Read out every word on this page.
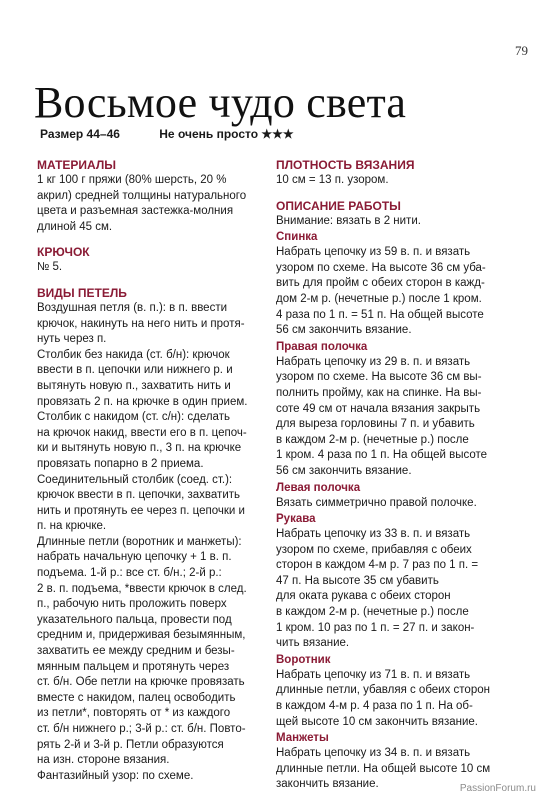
79
Восьмое чудо света
Размер 44–46	Не очень просто ★★★

МАТЕРИАЛЫ

1 кг 100 г пряжи (80% шерсть, 20 %
акрил) средней толщины натурального
цвета и разъемная застежка-молния
длиной 45 см.

КРЮЧОК

№ 5.

ВИДЫ ПЕТЕЛЬ

Воздушная петля (в. п.): в п. ввести
крючок, накинуть на него нить и протя-
нуть через п.
Столбик без накида (ст. б/н): крючок
ввести в п. цепочки или нижнего р. и
вытянуть новую п., захватить нить и
провязать 2 п. на крючке в один прием.
Столбик с накидом (ст. с/н): сделать
на крючок накид, ввести его в п. цепоч-
ки и вытянуть новую п., 3 п. на крючке
провязать попарно в 2 приема.
Соединительный столбик (соед. ст.):
крючок ввести в п. цепочки, захватить
нить и протянуть ее через п. цепочки и
п. на крючке.
Длинные петли (воротник и манжеты):
набрать начальную цепочку + 1 в. п.
подъема. 1-й р.: все ст. б/н.; 2-й р.:
2 в. п. подъема, *ввести крючок в след.
п., рабочую нить проложить поверх
указательного пальца, провести под
средним и, придерживая безымянным,
захватить ее между средним и безы-
мянным пальцем и протянуть через
ст. б/н. Обе петли на крючке провязать
вместе с накидом, палец освободить
из петли*, повторять от * из каждого
ст. б/н нижнего р.; 3-й р.: ст. б/н. Повто-
рять 2-й и 3-й р. Петли образуются
на изн. стороне вязания.
Фантазийный узор: по схеме.

ПЛОТНОСТЬ ВЯЗАНИЯ

10 см = 13 п. узором.

ОПИСАНИЕ РАБОТЫ

Внимание: вязать в 2 нити.

Спинка

Набрать цепочку из 59 в. п. и вязать
узором по схеме. На высоте 36 см уба-
вить для пройм с обеих сторон в кажд-
дом 2-м р. (нечетные р.) после 1 кром.
4 раза по 1 п. = 51 п. На общей высоте
56 см закончить вязание.

Правая полочка

Набрать цепочку из 29 в. п. и вязать
узором по схеме. На высоте 36 см вы-
полнить пройму, как на спинке. На вы-
соте 49 см от начала вязания закрыть
для выреза горловины 7 п. и убавить
в каждом 2-м р. (нечетные р.) после
1 кром. 4 раза по 1 п. На общей высоте
56 см закончить вязание.

Левая полочка

Вязать симметрично правой полочке.

Рукава

Набрать цепочку из 33 в. п. и вязать
узором по схеме, прибавляя с обеих
сторон в каждом 4-м р. 7 раз по 1 п. =
47 п. На высоте 35 см убавить
для оката рукава с обеих сторон
в каждом 2-м р. (нечетные р.) после
1 кром. 10 раз по 1 п. = 27 п. и закон-
чить вязание.

Воротник

Набрать цепочку из 71 в. п. и вязать
длинные петли, убавляя с обеих сторон
в каждом 4-м р. 4 раза по 1 п. На об-
щей высоте 10 см закончить вязание.

Манжеты

Набрать цепочку из 34 в. п. и вязать
длинные петли. На общей высоте 10 см
закончить вязание.	PassionForum.ru
